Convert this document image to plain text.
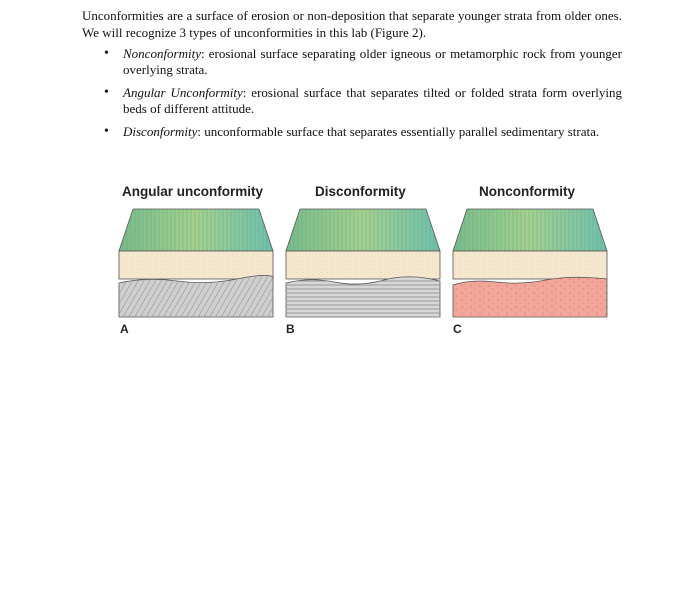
Unconformities are a surface of erosion or non-deposition that separate younger strata from older ones. We will recognize 3 types of unconformities in this lab (Figure 2).

• Nonconformity: erosional surface separating older igneous or metamorphic rock from younger overlying strata.
• Angular Unconformity: erosional surface that separates tilted or folded strata form overlying beds of different attitude.
• Disconformity: unconformable surface that separates essentially parallel sedimentary strata.
Angular unconformity	Disconformity	Nonconformity
A	B	C
